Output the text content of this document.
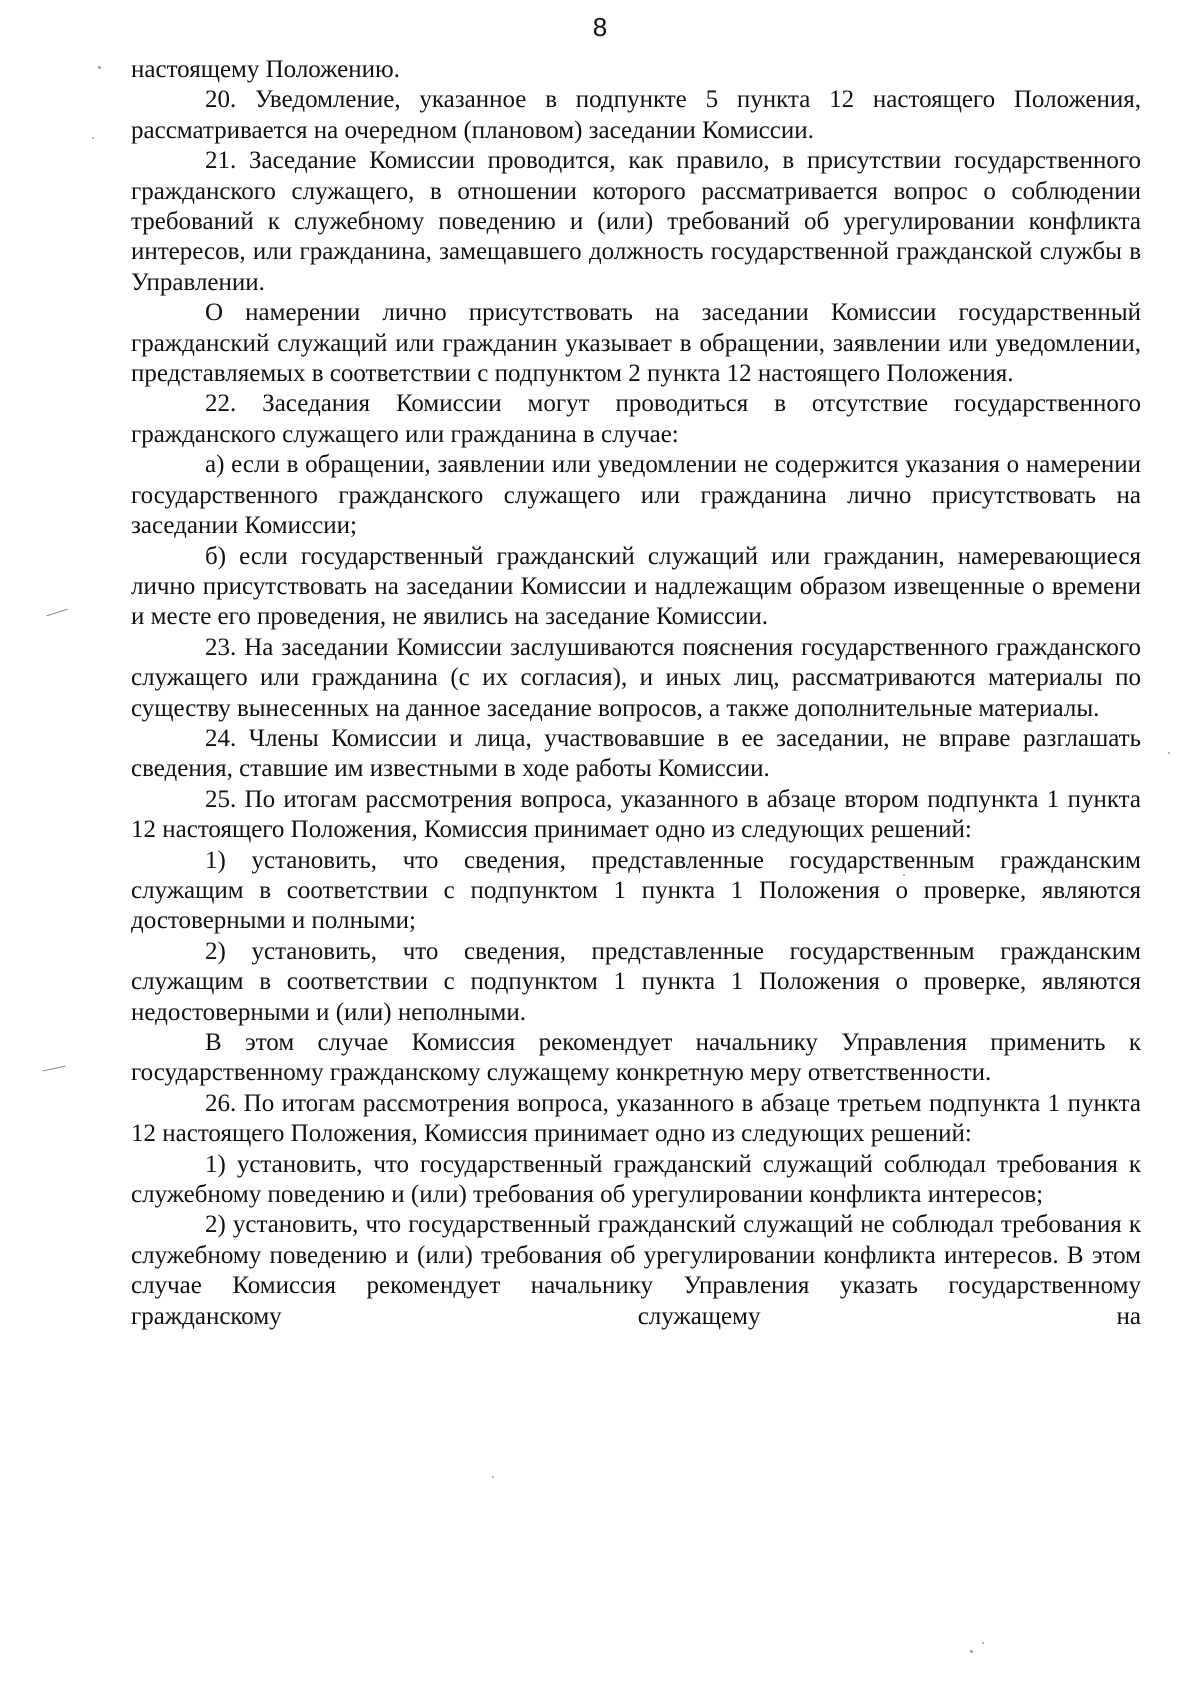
8

настоящему Положению.

20. Уведомление, указанное в подпункте 5 пункта 12 настоящего Положения, рассматривается на очередном (плановом) заседании Комиссии.

21. Заседание Комиссии проводится, как правило, в присутствии государственного гражданского служащего, в отношении которого рассматривается вопрос о соблюдении требований к служебному поведению и (или) требований об урегулировании конфликта интересов, или гражданина, замещавшего должность государственной гражданской службы в Управлении.

О намерении лично присутствовать на заседании Комиссии государственный гражданский служащий или гражданин указывает в обращении, заявлении или уведомлении, представляемых в соответствии с подпунктом 2 пункта 12 настоящего Положения.

22. Заседания Комиссии могут проводиться в отсутствие государственного гражданского служащего или гражданина в случае:

а) если в обращении, заявлении или уведомлении не содержится указания о намерении государственного гражданского служащего или гражданина лично присутствовать на заседании Комиссии;

б) если государственный гражданский служащий или гражданин, намеревающиеся лично присутствовать на заседании Комиссии и надлежащим образом извещенные о времени и месте его проведения, не явились на заседание Комиссии.

23. На заседании Комиссии заслушиваются пояснения государственного гражданского служащего или гражданина (с их согласия), и иных лиц, рассматриваются материалы по существу вынесенных на данное заседание вопросов, а также дополнительные материалы.

24. Члены Комиссии и лица, участвовавшие в ее заседании, не вправе разглашать сведения, ставшие им известными в ходе работы Комиссии.

25. По итогам рассмотрения вопроса, указанного в абзаце втором подпункта 1 пункта 12 настоящего Положения, Комиссия принимает одно из следующих решений:

1) установить, что сведения, представленные государственным гражданским служащим в соответствии с подпунктом 1 пункта 1 Положения о проверке, являются достоверными и полными;

2) установить, что сведения, представленные государственным гражданским служащим в соответствии с подпунктом 1 пункта 1 Положения о проверке, являются недостоверными и (или) неполными.

В этом случае Комиссия рекомендует начальнику Управления применить к государственному гражданскому служащему конкретную меру ответственности.

26. По итогам рассмотрения вопроса, указанного в абзаце третьем подпункта 1 пункта 12 настоящего Положения, Комиссия принимает одно из следующих решений:

1) установить, что государственный гражданский служащий соблюдал требования к служебному поведению и (или) требования об урегулировании конфликта интересов;

2) установить, что государственный гражданский служащий не соблюдал требования к служебному поведению и (или) требования об урегулировании конфликта интересов. В этом случае Комиссия рекомендует начальнику Управления указать государственному гражданскому служащему на
